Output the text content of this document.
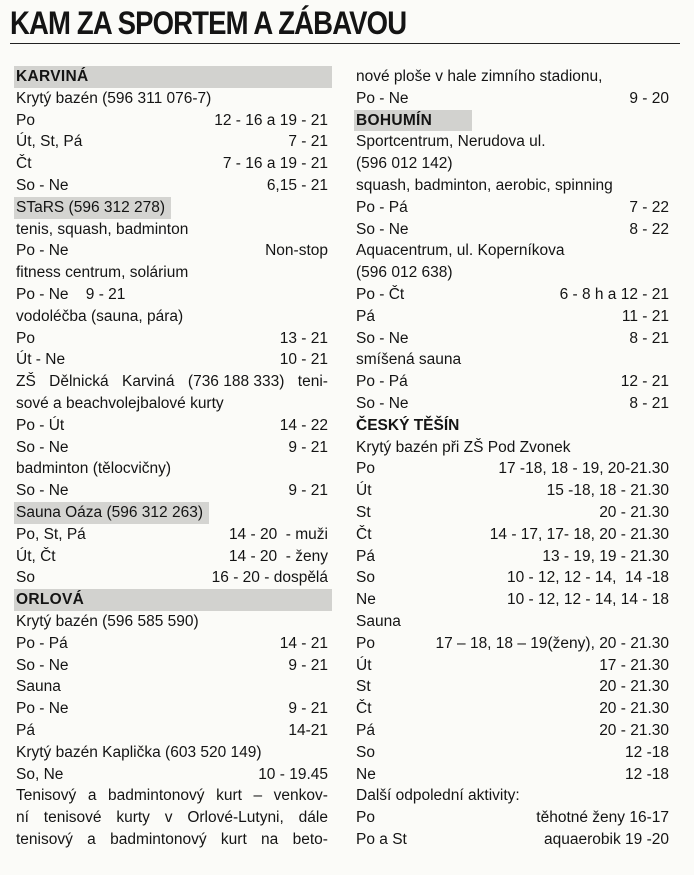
KAM ZA SPORTEM A ZÁBAVOU
KARVINÁ
Krytý bazén (596 311 076-7)
Po	12 - 16 a 19 - 21
Út, St, Pá	7 - 21
Čt	7 - 16 a 19 - 21
So - Ne	6,15 - 21
STaRS (596 312 278)
tenis, squash, badminton
Po - Ne	Non-stop
fitness centrum, solárium
Po - Ne    9 - 21
vodoléčba (sauna, pára)
Po	13 - 21
Út - Ne	10 - 21
ZŠ Dělnická Karviná (736 188 333) teni-
sové a beachvolejbalové kurty
Po - Út	14 - 22
So - Ne	9 - 21
badminton (tělocvičny)
So - Ne	9 - 21
Sauna Oáza (596 312 263)
Po, St, Pá	14 - 20  - muži
Út, Čt	14 - 20  - ženy
So	16 - 20 - dospělá
ORLOVÁ
Krytý bazén (596 585 590)
Po - Pá	14 - 21
So - Ne	9 - 21
Sauna
Po - Ne	9 - 21
Pá	14-21
Krytý bazén Kaplička (603 520 149)
So, Ne	10 - 19.45
Tenisový a badmintonový kurt – venkov-
ní tenisové kurty v Orlové-Lutyni, dále
tenisový a badmintonový kurt na beto-
nové ploše v hale zimního stadionu,
Po - Ne	9 - 20
BOHUMÍN
Sportcentrum, Nerudova ul.
(596 012 142)
squash, badminton, aerobic, spinning
Po - Pá	7 - 22
So - Ne	8 - 22
Aquacentrum, ul. Koperníkova
(596 012 638)
Po - Čt	6 - 8 h a 12 - 21
Pá	11 - 21
So - Ne	8 - 21
smíšená sauna
Po - Pá	12 - 21
So - Ne	8 - 21
ČESKÝ TĚŠÍN
Krytý bazén při ZŠ Pod Zvonek
Po	17 -18, 18 - 19, 20-21.30
Út	15 -18, 18 - 21.30
St	20 - 21.30
Čt	14 - 17, 17- 18, 20 - 21.30
Pá	13 - 19, 19 - 21.30
So	10 - 12, 12 - 14,  14 -18
Ne	10 - 12, 12 - 14, 14 - 18
Sauna
Po	17 – 18, 18 – 19(ženy), 20 - 21.30
Út	17 - 21.30
St	20 - 21.30
Čt	20 - 21.30
Pá	20 - 21.30
So	12 -18
Ne	12 -18
Další odpolední aktivity:
Po	těhotné ženy 16-17
Po a St	aquaerobik 19 -20
